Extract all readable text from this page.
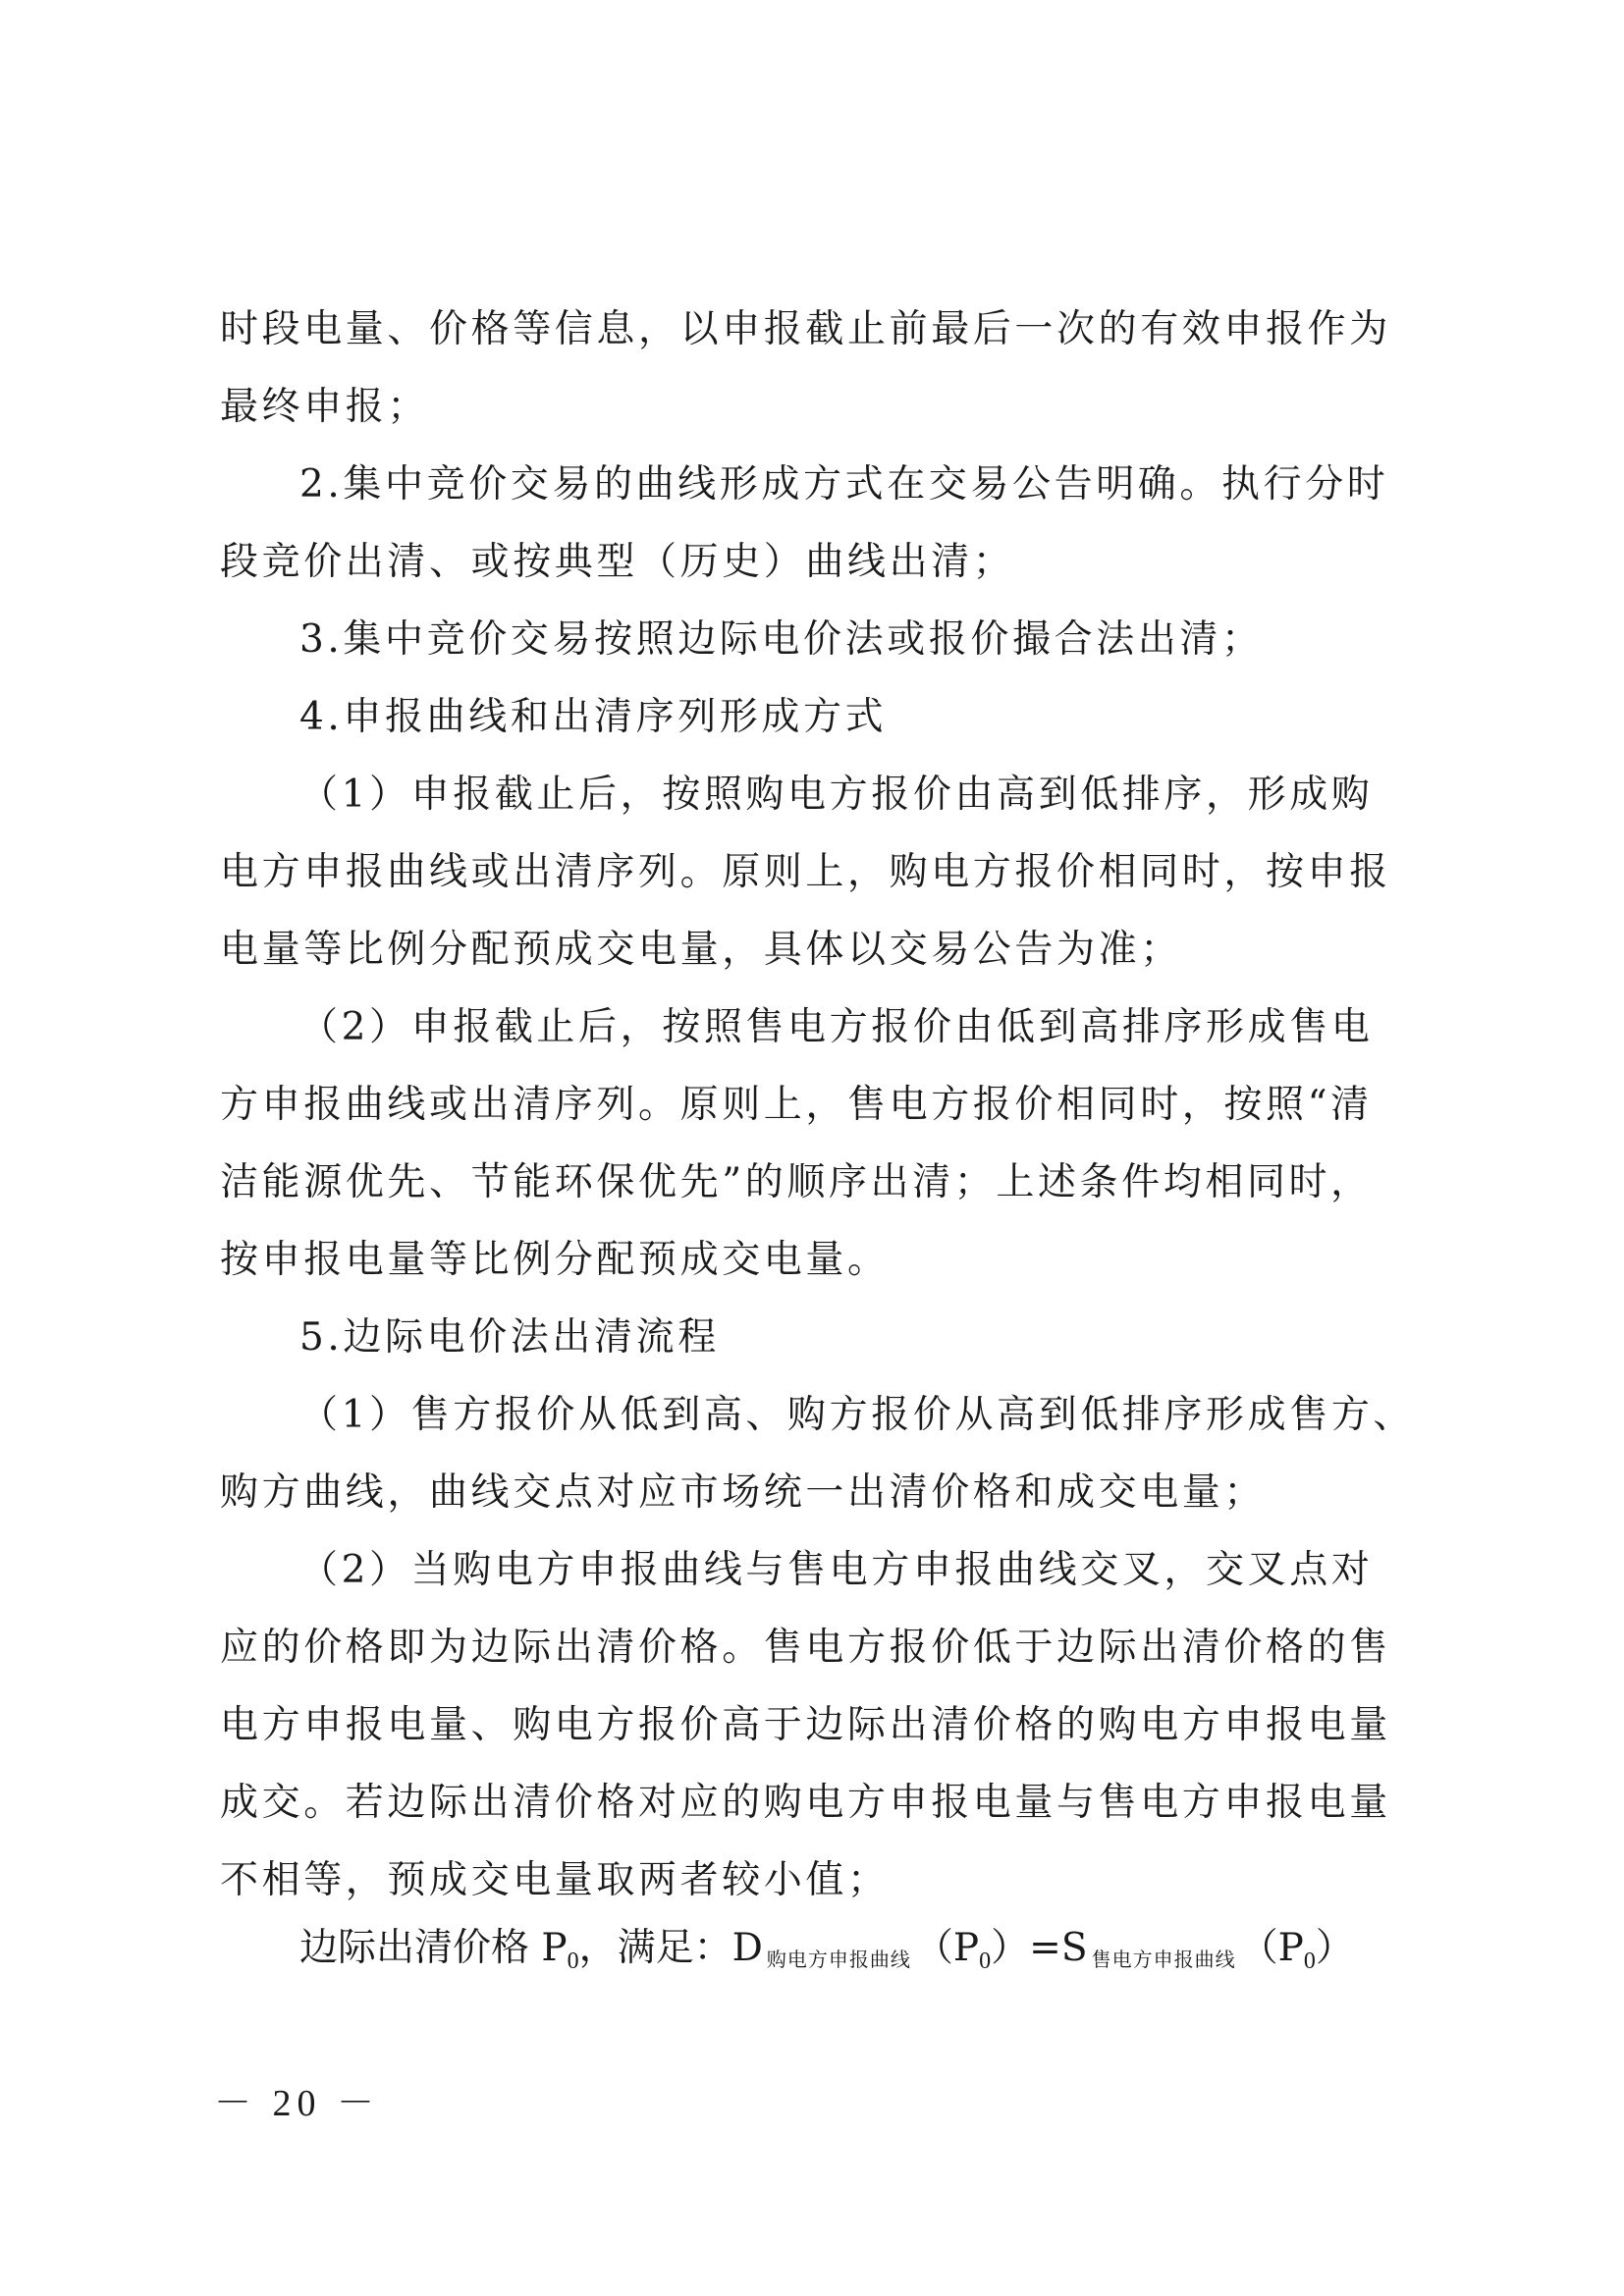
时段电量、价格等信息，以申报截止前最后一次的有效申报作为
最终申报；
2.集中竞价交易的曲线形成方式在交易公告明确。执行分时
段竞价出清、或按典型（历史）曲线出清；
3.集中竞价交易按照边际电价法或报价撮合法出清；
4.申报曲线和出清序列形成方式
（1）申报截止后，按照购电方报价由高到低排序，形成购
电方申报曲线或出清序列。原则上，购电方报价相同时，按申报
电量等比例分配预成交电量，具体以交易公告为准；
（2）申报截止后，按照售电方报价由低到高排序形成售电
方申报曲线或出清序列。原则上，售电方报价相同时，按照“清
洁能源优先、节能环保优先”的顺序出清；上述条件均相同时，
按申报电量等比例分配预成交电量。
5.边际电价法出清流程
（1）售方报价从低到高、购方报价从高到低排序形成售方、
购方曲线，曲线交点对应市场统一出清价格和成交电量；
（2）当购电方申报曲线与售电方申报曲线交叉，交叉点对
应的价格即为边际出清价格。售电方报价低于边际出清价格的售
电方申报电量、购电方报价高于边际出清价格的购电方申报电量
成交。若边际出清价格对应的购电方申报电量与售电方申报电量
不相等，预成交电量取两者较小值；
边际出清价格 $P_0$，满足：D 购电方申报曲线 $(P_0)=S$ 售电方申报曲线 $(P_0)$
－ 20 －
